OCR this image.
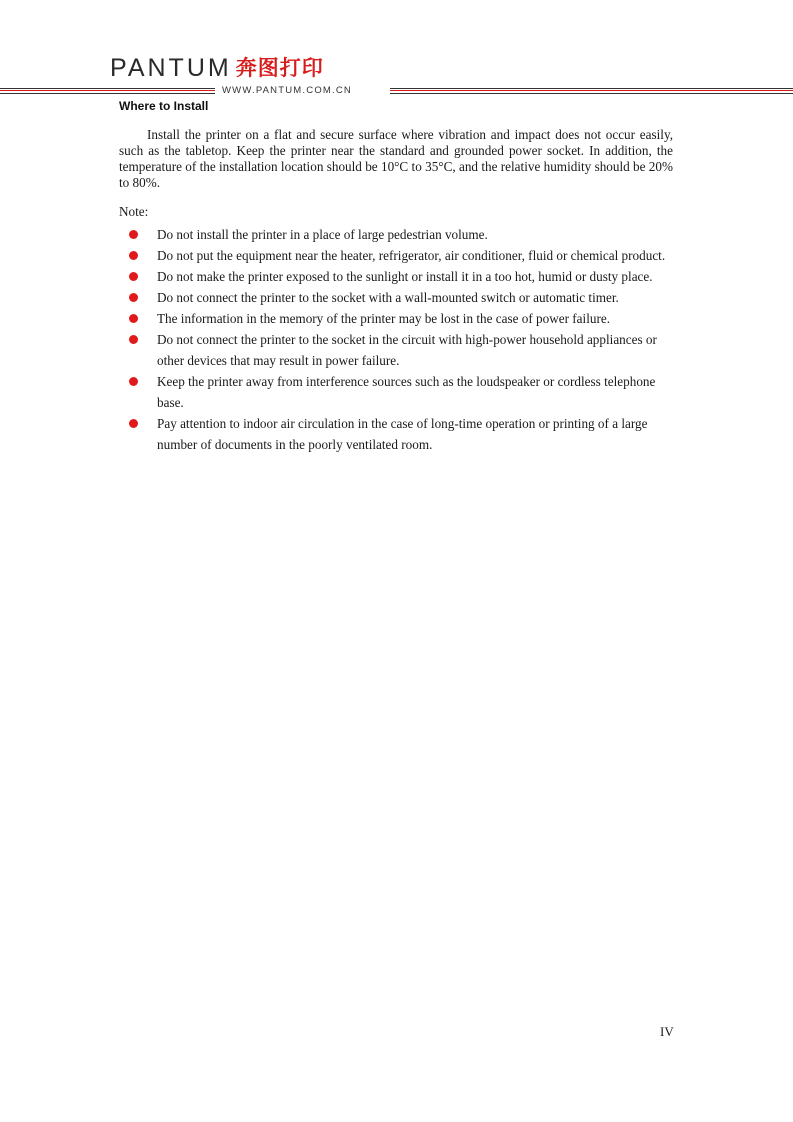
PANTUM 奔图打印
WWW.PANTUM.COM.CN
Where to Install

Install the printer on a flat and secure surface where vibration and impact does not occur easily, such as the tabletop. Keep the printer near the standard and grounded power socket. In addition, the temperature of the installation location should be 10°C to 35°C, and the relative humidity should be 20% to 80%.

Note:
Do not install the printer in a place of large pedestrian volume.
Do not put the equipment near the heater, refrigerator, air conditioner, fluid or chemical product.
Do not make the printer exposed to the sunlight or install it in a too hot, humid or dusty place.
Do not connect the printer to the socket with a wall-mounted switch or automatic timer.
The information in the memory of the printer may be lost in the case of power failure.
Do not connect the printer to the socket in the circuit with high-power household appliances or other devices that may result in power failure.
Keep the printer away from interference sources such as the loudspeaker or cordless telephone base.
Pay attention to indoor air circulation in the case of long-time operation or printing of a large number of documents in the poorly ventilated room.
IV
